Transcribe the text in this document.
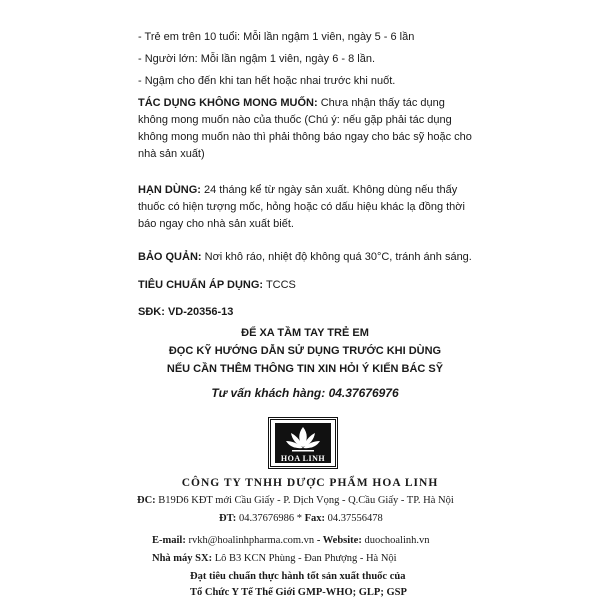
- Trẻ em trên 10 tuổi: Mỗi lần ngậm 1 viên, ngày 5 - 6 lần
- Người lớn: Mỗi lần ngậm 1 viên, ngày 6 - 8 lần.
- Ngậm cho đến khi tan hết hoặc nhai trước khi nuốt.
TÁC DỤNG KHÔNG MONG MUỐN: Chưa nhận thấy tác dụng
không mong muốn nào của thuốc (Chú ý: nếu gặp phải tác dụng
không mong muốn nào thì phải thông báo ngay cho bác sỹ hoặc cho
nhà sản xuất)
HẠN DÙNG: 24 tháng kể từ ngày sản xuất. Không dùng nếu thấy
thuốc có hiện tượng mốc, hỏng hoặc có dấu hiệu khác lạ đồng thời
báo ngay cho nhà sản xuất biết.
BẢO QUẢN: Nơi khô ráo, nhiệt độ không quá 30°C, tránh ánh sáng.
TIÊU CHUẨN ÁP DỤNG: TCCS
SĐK: VD-20356-13
ĐỂ XA TẦM TAY TRẺ EM
ĐỌC KỸ HƯỚNG DẪN SỬ DỤNG TRƯỚC KHI DÙNG
NẾU CẦN THÊM THÔNG TIN XIN HỎI Ý KIẾN BÁC SỸ
Tư vấn khách hàng: 04.37676976
HOA LINH
CÔNG TY TNHH DƯỢC PHẨM HOA LINH
ĐC: B19D6 KĐT mới Cầu Giấy - P. Dịch Vọng - Q.Cầu Giấy - TP. Hà Nội
ĐT: 04.37676986 * Fax: 04.37556478
E-mail: rvkh@hoalinhpharma.com.vn - Website: duochoalinh.vn
Nhà máy SX: Lô B3 KCN Phùng - Đan Phượng - Hà Nội
Đạt tiêu chuẩn thực hành tốt sản xuất thuốc của
Tổ Chức Y Tế Thế Giới GMP-WHO; GLP; GSP
